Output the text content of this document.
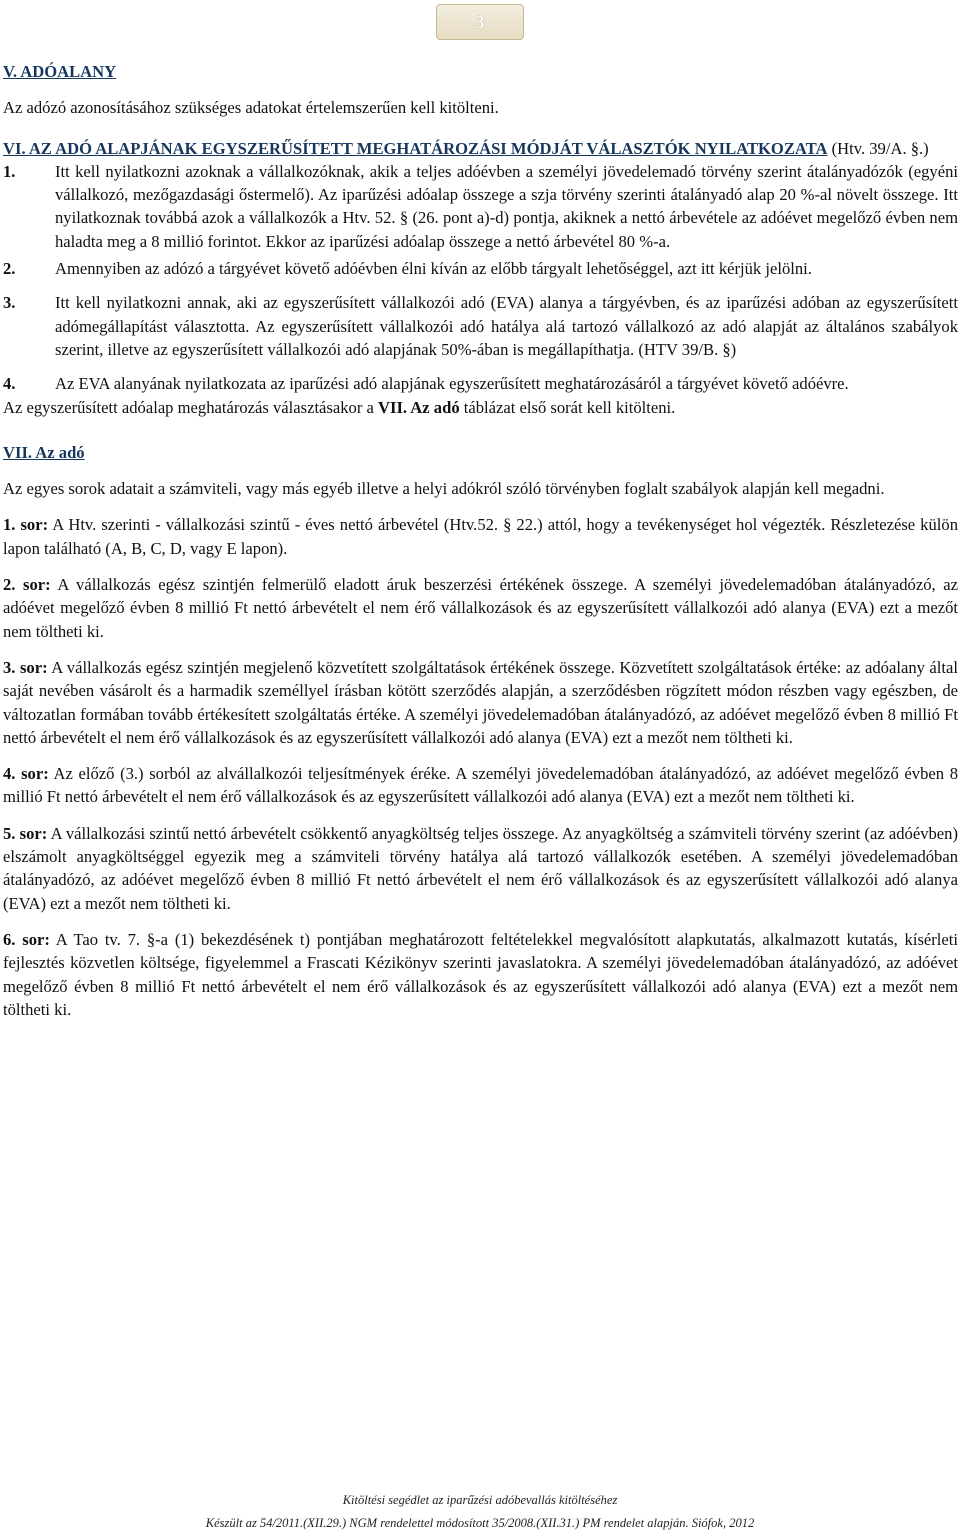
3

V. ADÓALANY

Az adózó azonosításához szükséges adatokat értelemszerűen kell kitölteni.

VI. AZ ADÓ ALAPJÁNAK EGYSZERŰSÍTETT MEGHATÁROZÁSI MÓDJÁT VÁLASZTÓK NYILATKOZATA (Htv. 39/A. §.)

1. Itt kell nyilatkozni azoknak a vállalkozóknak, akik a teljes adóévben a személyi jövedelemadó törvény szerint átalányadózók (egyéni vállalkozó, mezőgazdasági őstermelő). Az iparűzési adóalap összege a szja törvény szerinti átalányadó alap 20 %-al növelt összege. Itt nyilatkoznak továbbá azok a vállalkozók a Htv. 52. § (26. pont a)-d) pontja, akiknek a nettó árbevétele az adóévet megelőző évben nem haladta meg a 8 millió forintot. Ekkor az iparűzési adóalap összege a nettó árbevétel 80 %-a.

2. Amennyiben az adózó a tárgyévet követő adóévben élni kíván az előbb tárgyalt lehetőséggel, azt itt kérjük jelölni.

3. Itt kell nyilatkozni annak, aki az egyszerűsített vállalkozói adó (EVA) alanya a tárgyévben, és az iparűzési adóban az egyszerűsített adómegállapítást választotta. Az egyszerűsített vállalkozói adó hatálya alá tartozó vállalkozó az adó alapját az általános szabályok szerint, illetve az egyszerűsített vállalkozói adó alapjának 50%-ában is megállapíthatja. (HTV 39/B. §)

4. Az EVA alanyának nyilatkozata az iparűzési adó alapjának egyszerűsített meghatározásáról a tárgyévet követő adóévre.

Az egyszerűsített adóalap meghatározás választásakor a VII. Az adó táblázat első sorát kell kitölteni.

VII. Az adó

Az egyes sorok adatait a számviteli, vagy más egyéb illetve a helyi adókról szóló törvényben foglalt szabályok alapján kell megadni.

1. sor: A Htv. szerinti - vállalkozási szintű - éves nettó árbevétel (Htv.52. § 22.) attól, hogy a tevékenységet hol végezték. Részletezése külön lapon található (A, B, C, D, vagy E lapon).

2. sor: A vállalkozás egész szintjén felmerülő eladott áruk beszerzési értékének összege. A személyi jövedelemadóban átalányadózó, az adóévet megelőző évben 8 millió Ft nettó árbevételt el nem érő vállalkozások és az egyszerűsített vállalkozói adó alanya (EVA) ezt a mezőt nem töltheti ki.

3. sor: A vállalkozás egész szintjén megjelenő közvetített szolgáltatások értékének összege. Közvetített szolgáltatások értéke: az adóalany által saját nevében vásárolt és a harmadik személlyel írásban kötött szerződés alapján, a szerződésben rögzített módon részben vagy egészben, de változatlan formában tovább értékesített szolgáltatás értéke. A személyi jövedelemadóban átalányadózó, az adóévet megelőző évben 8 millió Ft nettó árbevételt el nem érő vállalkozások és az egyszerűsített vállalkozói adó alanya (EVA) ezt a mezőt nem töltheti ki.

4. sor: Az előző (3.) sorból az alvállalkozói teljesítmények éréke. A személyi jövedelemadóban átalányadózó, az adóévet megelőző évben 8 millió Ft nettó árbevételt el nem érő vállalkozások és az egyszerűsített vállalkozói adó alanya (EVA) ezt a mezőt nem töltheti ki.

5. sor: A vállalkozási szintű nettó árbevételt csökkentő anyagköltség teljes összege. Az anyagköltség a számviteli törvény szerint (az adóévben) elszámolt anyagköltséggel egyezik meg a számviteli törvény hatálya alá tartozó vállalkozók esetében. A személyi jövedelemadóban átalányadózó, az adóévet megelőző évben 8 millió Ft nettó árbevételt el nem érő vállalkozások és az egyszerűsített vállalkozói adó alanya (EVA) ezt a mezőt nem töltheti ki.

6. sor: A Tao tv. 7. §-a (1) bekezdésének t) pontjában meghatározott feltételekkel megvalósított alapkutatás, alkalmazott kutatás, kísérleti fejlesztés közvetlen költsége, figyelemmel a Frascati Kézikönyv szerinti javaslatokra. A személyi jövedelemadóban átalányadózó, az adóévet megelőző évben 8 millió Ft nettó árbevételt el nem érő vállalkozások és az egyszerűsített vállalkozói adó alanya (EVA) ezt a mezőt nem töltheti ki.

Kitöltési segédlet az iparűzési adóbevallás kitöltéséhez
Készült az 54/2011.(XII.29.) NGM rendelettel módosított 35/2008.(XII.31.) PM rendelet alapján. Siófok, 2012
